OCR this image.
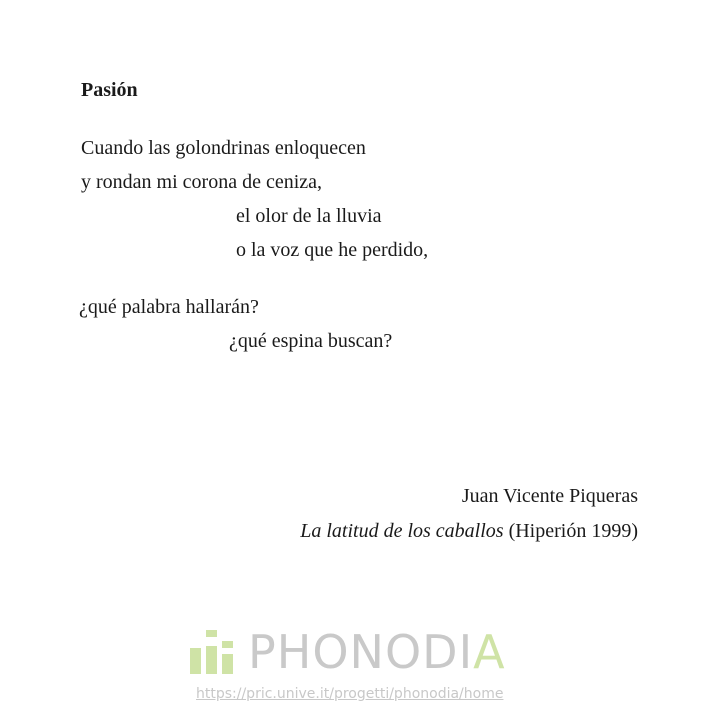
Pasión

Cuando las golondrinas enloquecen

y rondan mi corona de ceniza,

el olor de la lluvia

o la voz que he perdido,

¿qué palabra hallarán?

¿qué espina buscan?

Juan Vicente Piqueras

La latitud de los caballos (Hiperión 1999)

PHONODIA
https://pric.unive.it/progetti/phonodia/home
